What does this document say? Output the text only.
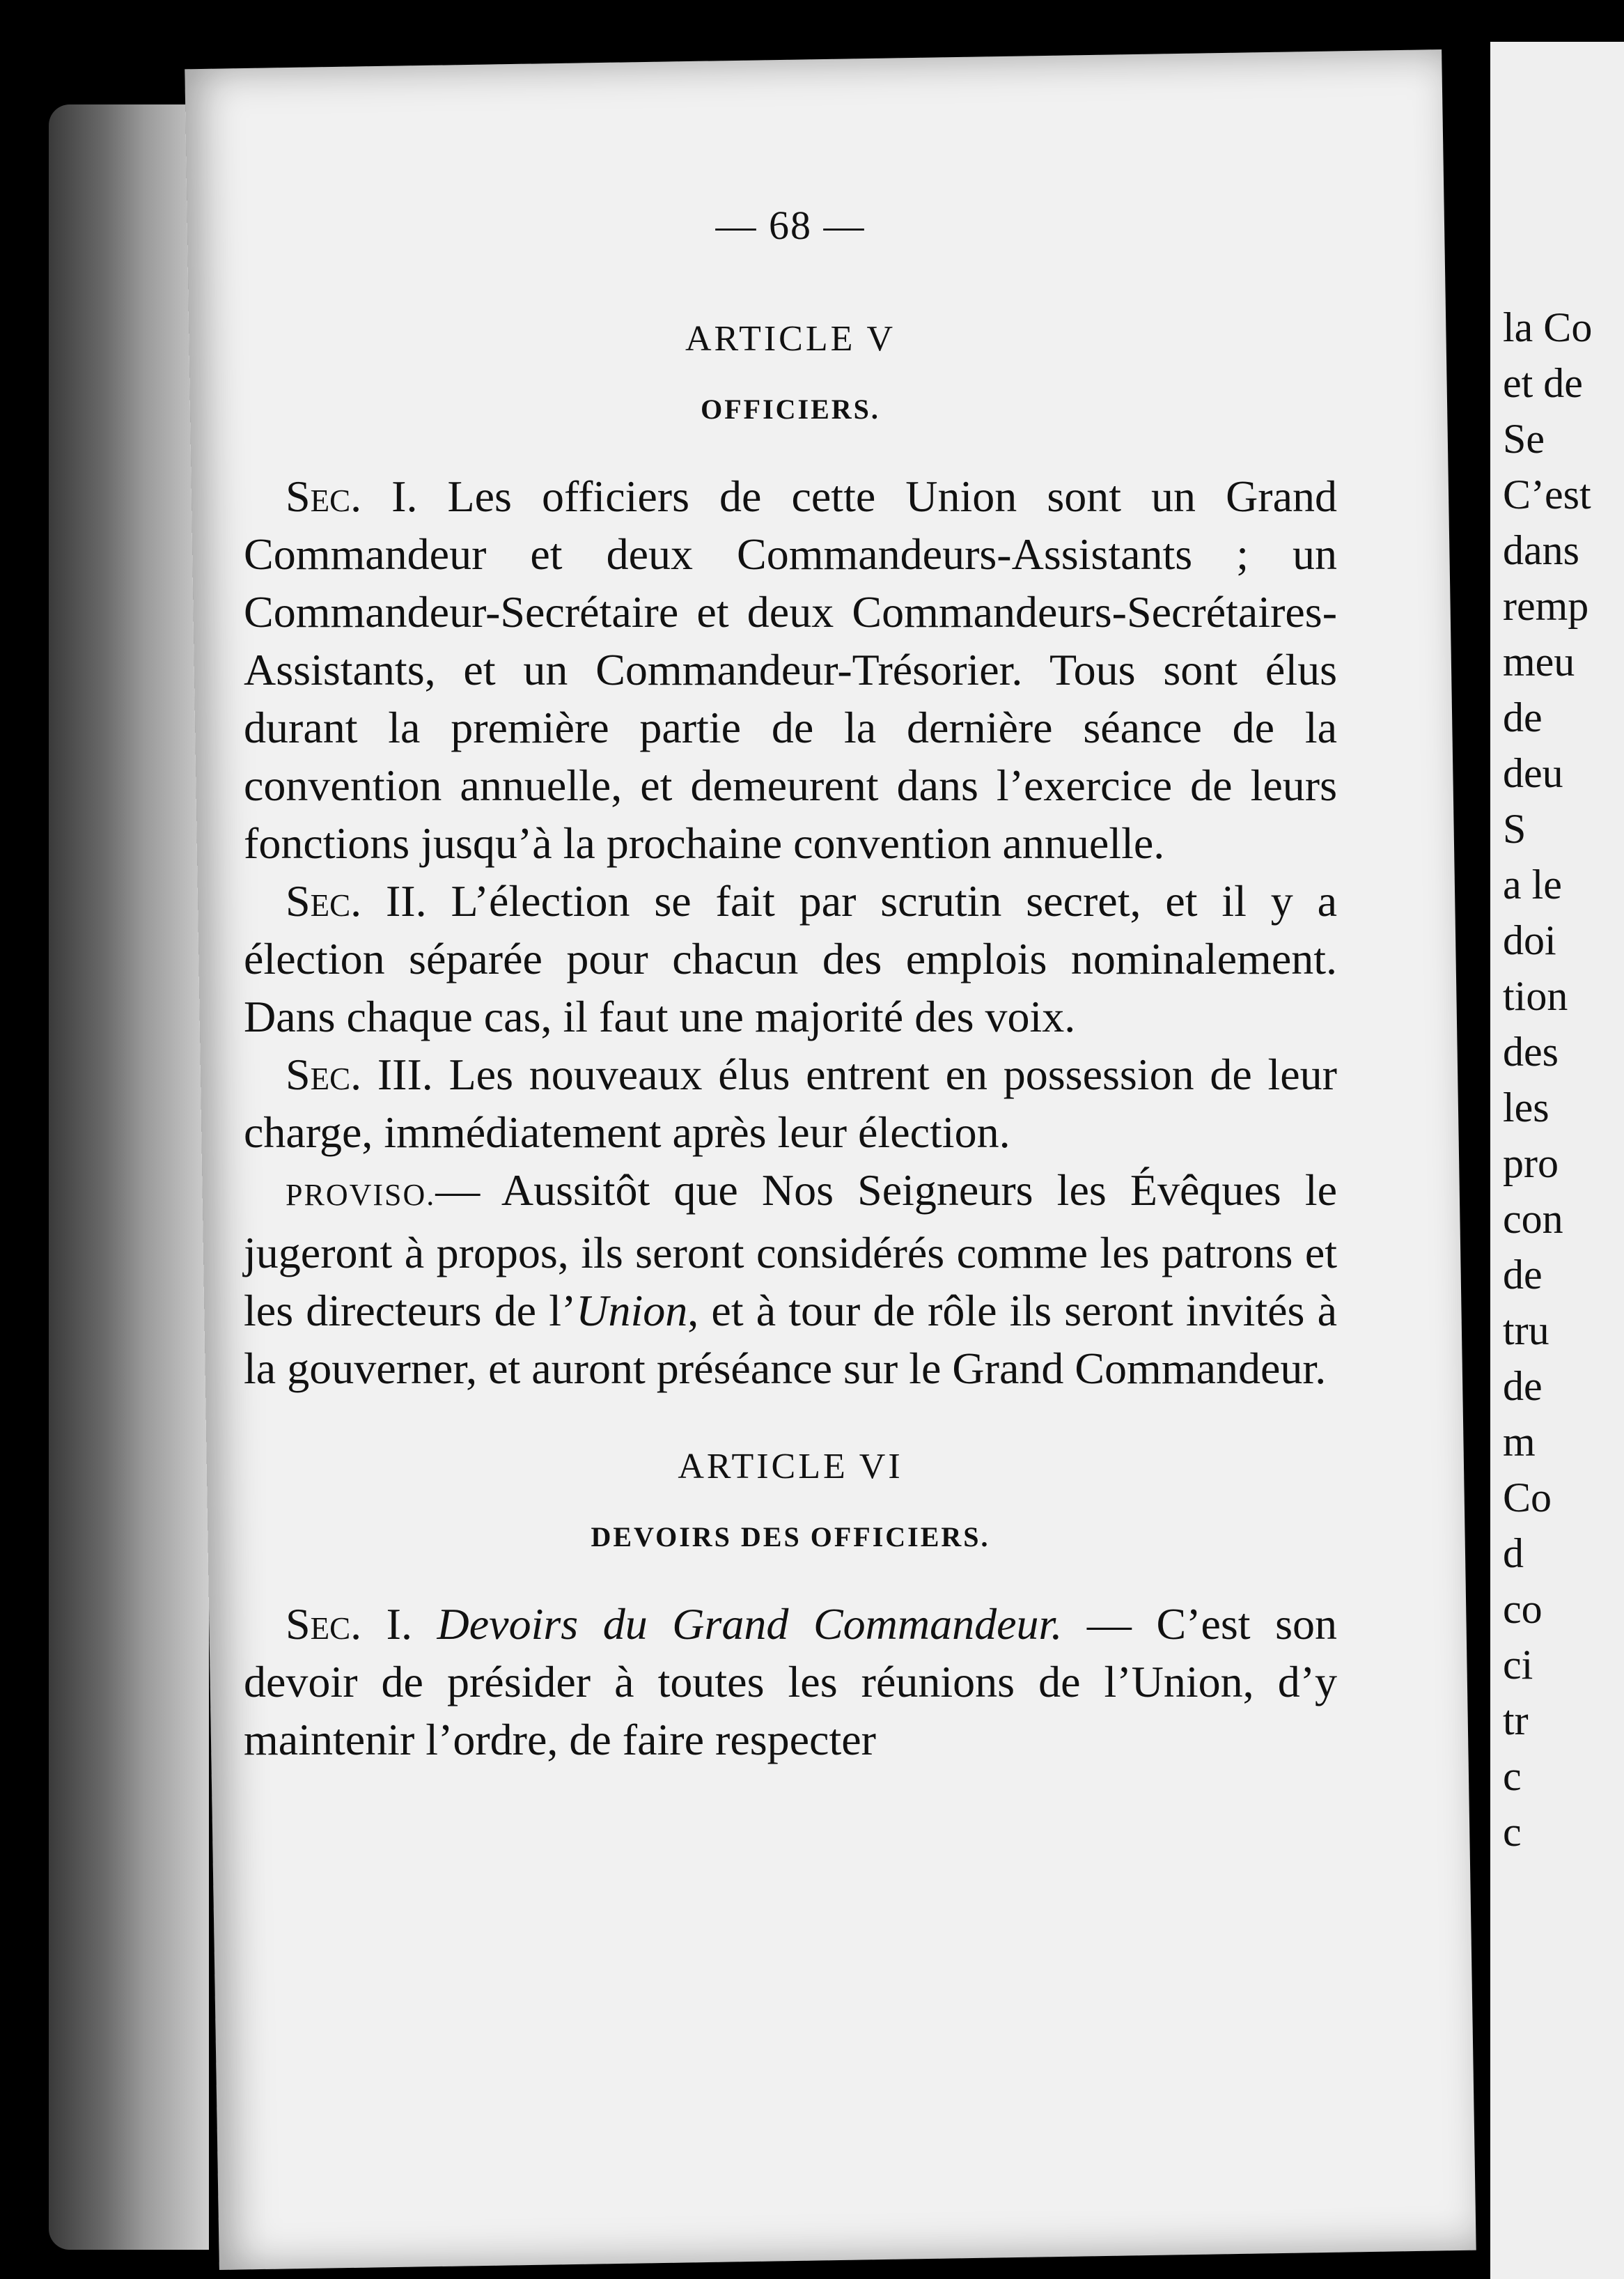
la Co
et de
Se
C’est
dans
remp
meu
de
deu
S
a le
doi
tion
des
les
pro
con
de
tru
de
m
Co
d
co
ci
tr
c
c
— 68 —
ARTICLE V
OFFICIERS.

Sec. I. Les officiers de cette Union sont un Grand Commandeur et deux Commandeurs-Assistants ; un Commandeur-Secrétaire et deux Commandeurs-Secrétaires-Assistants, et un Commandeur-Trésorier. Tous sont élus durant la première partie de la dernière séance de la convention annuelle, et demeurent dans l’exercice de leurs fonctions jusqu’à la prochaine convention annuelle.

Sec. II. L’élection se fait par scrutin secret, et il y a élection séparée pour chacun des emplois nominalement. Dans chaque cas, il faut une majorité des voix.

Sec. III. Les nouveaux élus entrent en possession de leur charge, immédiatement après leur élection.

PROVISO.— Aussitôt que Nos Seigneurs les Évêques le jugeront à propos, ils seront considérés comme les patrons et les directeurs de l’Union, et à tour de rôle ils seront invités à la gouverner, et auront préséance sur le Grand Commandeur.

ARTICLE VI
DEVOIRS DES OFFICIERS.

Sec. I. Devoirs du Grand Commandeur. — C’est son devoir de présider à toutes les réunions de l’Union, d’y maintenir l’ordre, de faire respecter
